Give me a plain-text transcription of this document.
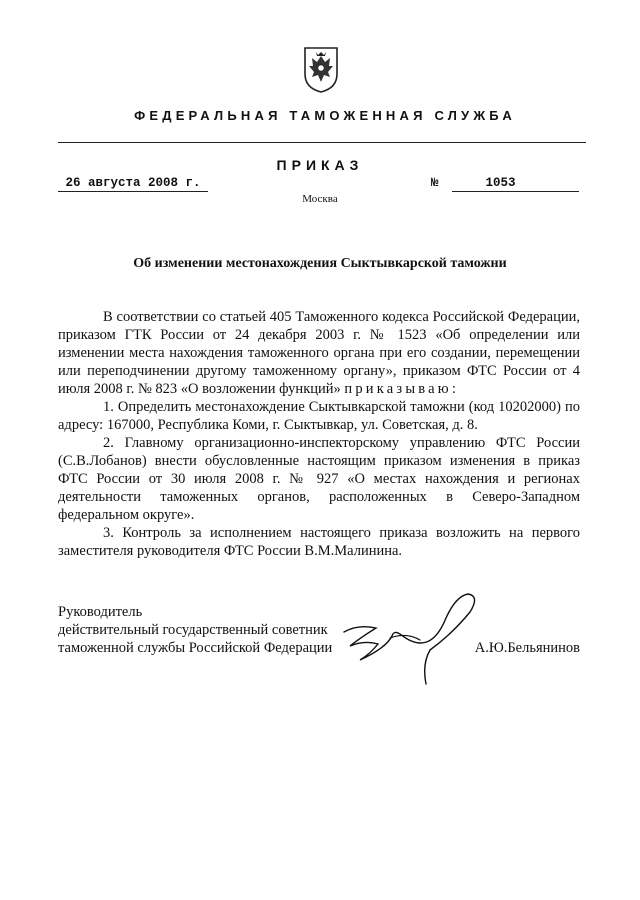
ФЕДЕРАЛЬНАЯ ТАМОЖЕННАЯ СЛУЖБА
ПРИКАЗ
26 августа 2008 г.	№	1053
Москва
Об изменении местонахождения Сыктывкарской таможни

В соответствии со статьей 405 Таможенного кодекса Российской Федерации, приказом ГТК России от 24 декабря 2003 г. № 1523 «Об определении или изменении места нахождения таможенного органа при его создании, перемещении или переподчинении другому таможенному органу», приказом ФТС России от 4 июля 2008 г. № 823 «О возложении функций» приказываю:

1. Определить местонахождение Сыктывкарской таможни (код 10202000) по адресу: 167000, Республика Коми, г. Сыктывкар, ул. Советская, д. 8.

2. Главному организационно-инспекторскому управлению ФТС России (С.В.Лобанов) внести обусловленные настоящим приказом изменения в приказ ФТС России от 30 июля 2008 г. № 927 «О местах нахождения и регионах деятельности таможенных органов, расположенных в Северо-Западном федеральном округе».

3. Контроль за исполнением настоящего приказа возложить на первого заместителя руководителя ФТС России В.М.Малинина.

Руководитель
действительный государственный советник
таможенной службы Российской Федерации	А.Ю.Бельянинов
